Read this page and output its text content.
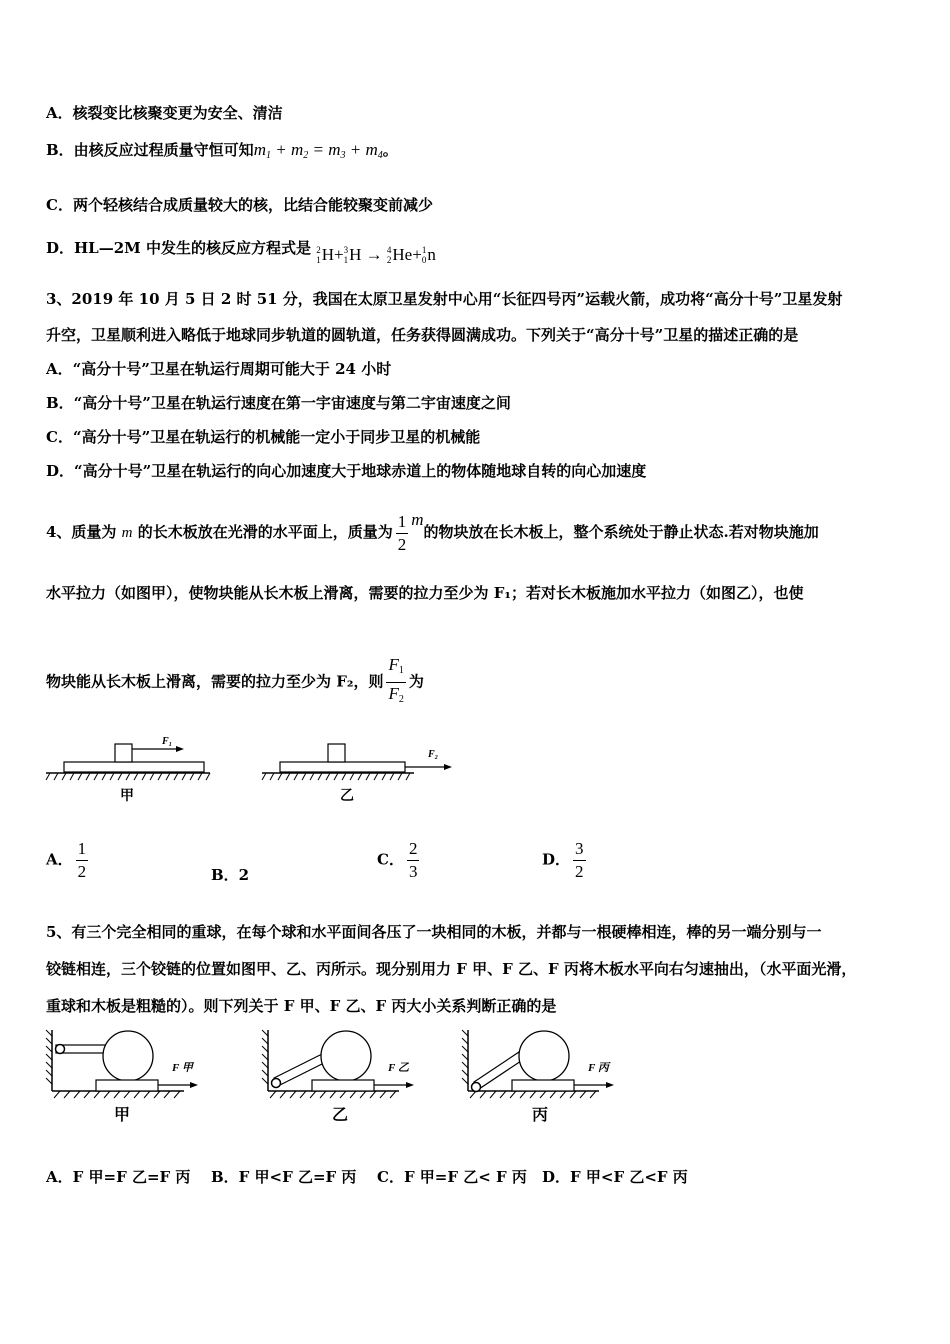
A．核裂变比核聚变更为安全、清洁
B．由核反应过程质量守恒可知$m_1 + m_2 = m_3 + m_4$。
C．两个轻核结合成质量较大的核，比结合能较聚变前减少
D．HL—2M 中发生的核反应方程式是 2
1 H+ 3
1 H →
4
2 He+ 1
0 n
3、2019 年 10 月 5 日 2 时 51 分，我国在太原卫星发射中心用“长征四号丙”运载火箭，成功将“高分十号”卫星发射
升空，卫星顺利进入略低于地球同步轨道的圆轨道，任务获得圆满成功。下列关于“高分十号”卫星的描述正确的是
A．“高分十号”卫星在轨运行周期可能大于 24 小时
B．“高分十号”卫星在轨运行速度在第一宇宙速度与第二宇宙速度之间
C．“高分十号”卫星在轨运行的机械能一定小于同步卫星的机械能
D．“高分十号”卫星在轨运行的向心加速度大于地球赤道上的物体随地球自转的向心加速度
4、质量为 m 的长木板放在光滑的水平面上，质量为 $\frac{1}{2}$ m的物块放在长木板上，整个系统处于静止状态.若对物块施加
水平拉力（如图甲），使物块能从长木板上滑离，需要的拉力至少为 F₁；若对长木板施加水平拉力（如图乙），也使
物块能从长木板上滑离，需要的拉力至少为 F₂，则 $\frac{F_1}{F_2}$ 为
F₁
甲
F₂
乙
A． $\frac{1}{2}$	B．2
C． $\frac{2}{3}$	D． $\frac{3}{2}$
5、有三个完全相同的重球，在每个球和水平面间各压了一块相同的木板，并都与一根硬棒相连，棒的另一端分别与一
铰链相连，三个铰链的位置如图甲、乙、丙所示。现分别用力 F 甲、F 乙、F 丙将木板水平向右匀速抽出，（水平面光滑，
重球和木板是粗糙的）。则下列关于 F 甲、F 乙、F 丙大小关系判断正确的是
F 甲
甲
F 乙
乙
F 丙
丙
A．F 甲=F 乙=F 丙 B．F 甲<F 乙=F 丙 C．F 甲=F 乙< F 丙 D．F 甲<F 乙<F 丙
